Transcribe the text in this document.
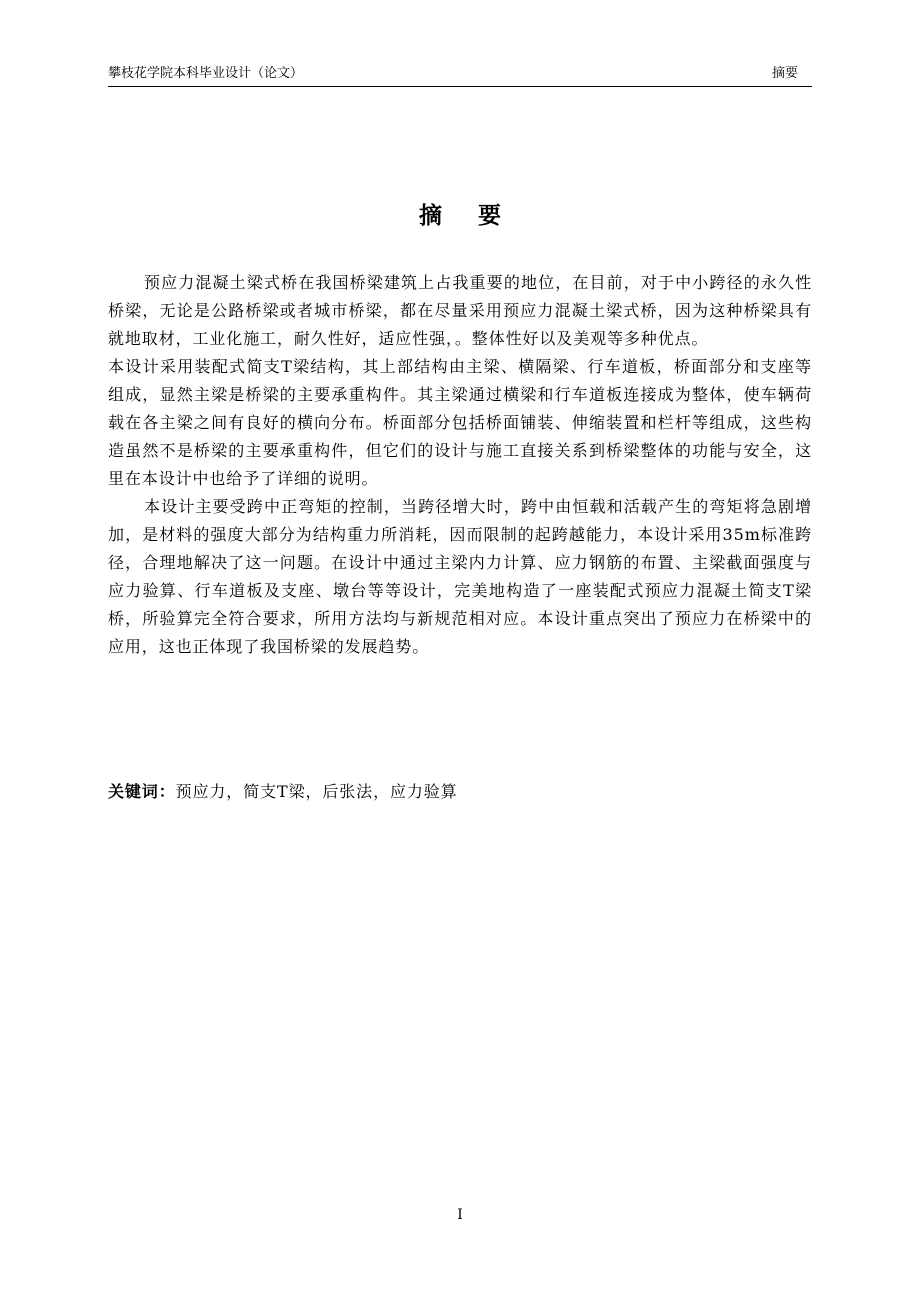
攀枝花学院本科毕业设计（论文）	摘要
摘 要

预应力混凝土梁式桥在我国桥梁建筑上占我重要的地位，在目前，对于中小跨径的永久性桥梁，无论是公路桥梁或者城市桥梁，都在尽量采用预应力混凝土梁式桥，因为这种桥梁具有就地取材，工业化施工，耐久性好，适应性强，。整体性好以及美观等多种优点。

本设计采用装配式简支T梁结构，其上部结构由主梁、横隔梁、行车道板，桥面部分和支座等组成，显然主梁是桥梁的主要承重构件。其主梁通过横梁和行车道板连接成为整体，使车辆荷载在各主梁之间有良好的横向分布。桥面部分包括桥面铺装、伸缩装置和栏杆等组成，这些构造虽然不是桥梁的主要承重构件，但它们的设计与施工直接关系到桥梁整体的功能与安全，这里在本设计中也给予了详细的说明。

本设计主要受跨中正弯矩的控制，当跨径增大时，跨中由恒载和活载产生的弯矩将急剧增加，是材料的强度大部分为结构重力所消耗，因而限制的起跨越能力，本设计采用35m标准跨径，合理地解决了这一问题。在设计中通过主梁内力计算、应力钢筋的布置、主梁截面强度与应力验算、行车道板及支座、墩台等等设计，完美地构造了一座装配式预应力混凝土简支T梁桥，所验算完全符合要求，所用方法均与新规范相对应。本设计重点突出了预应力在桥梁中的应用，这也正体现了我国桥梁的发展趋势。

关键词：预应力，简支T梁，后张法，应力验算
I
